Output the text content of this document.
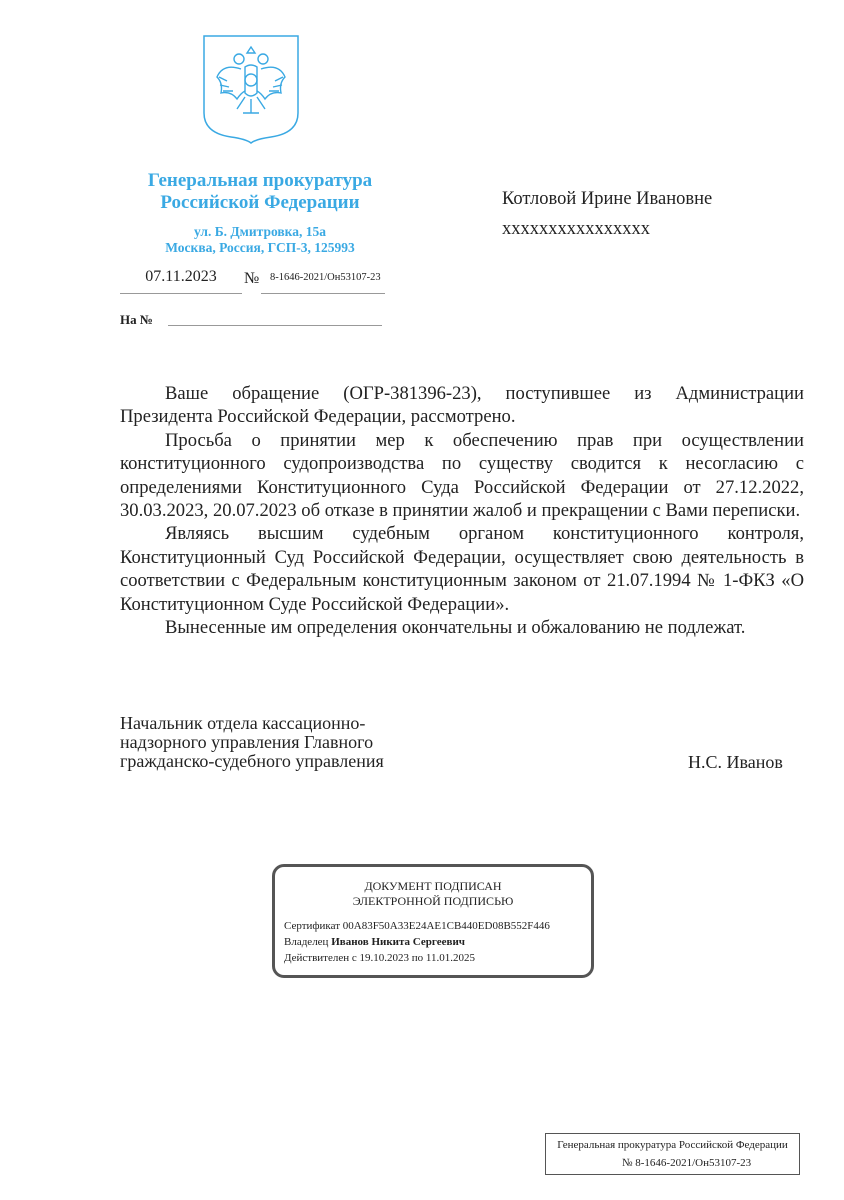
Генеральная прокуратура
Российской Федерации
ул. Б. Дмитровка, 15а
Москва, Россия, ГСП-3, 125993
07.11.2023	№ 8-1646-2021/Он53107-23
На №
Котловой Ирине Ивановне
xxxxxxxxxxxxxxxx

Ваше обращение (ОГР-381396-23), поступившее из Администрации Президента Российской Федерации, рассмотрено.

Просьба о принятии мер к обеспечению прав при осуществлении конституционного судопроизводства по существу сводится к несогласию с определениями Конституционного Суда Российской Федерации от 27.12.2022, 30.03.2023, 20.07.2023 об отказе в принятии жалоб и прекращении с Вами переписки.

Являясь высшим судебным органом конституционного контроля, Конституционный Суд Российской Федерации, осуществляет свою деятельность в соответствии с Федеральным конституционным законом от 21.07.1994 № 1-ФКЗ «О Конституционном Суде Российской Федерации».

Вынесенные им определения окончательны и обжалованию не подлежат.

Начальник отдела кассационно-
надзорного управления Главного
гражданско-судебного управления	Н.С. Иванов
ДОКУМЕНТ ПОДПИСАН
ЭЛЕКТРОННОЙ ПОДПИСЬЮ
Сертификат 00A83F50A33E24AE1CB440ED08B552F446
Владелец Иванов Никита Сергеевич
Действителен с 19.10.2023 по 11.01.2025
Генеральная прокуратура Российской Федерации
№ 8-1646-2021/Он53107-23
